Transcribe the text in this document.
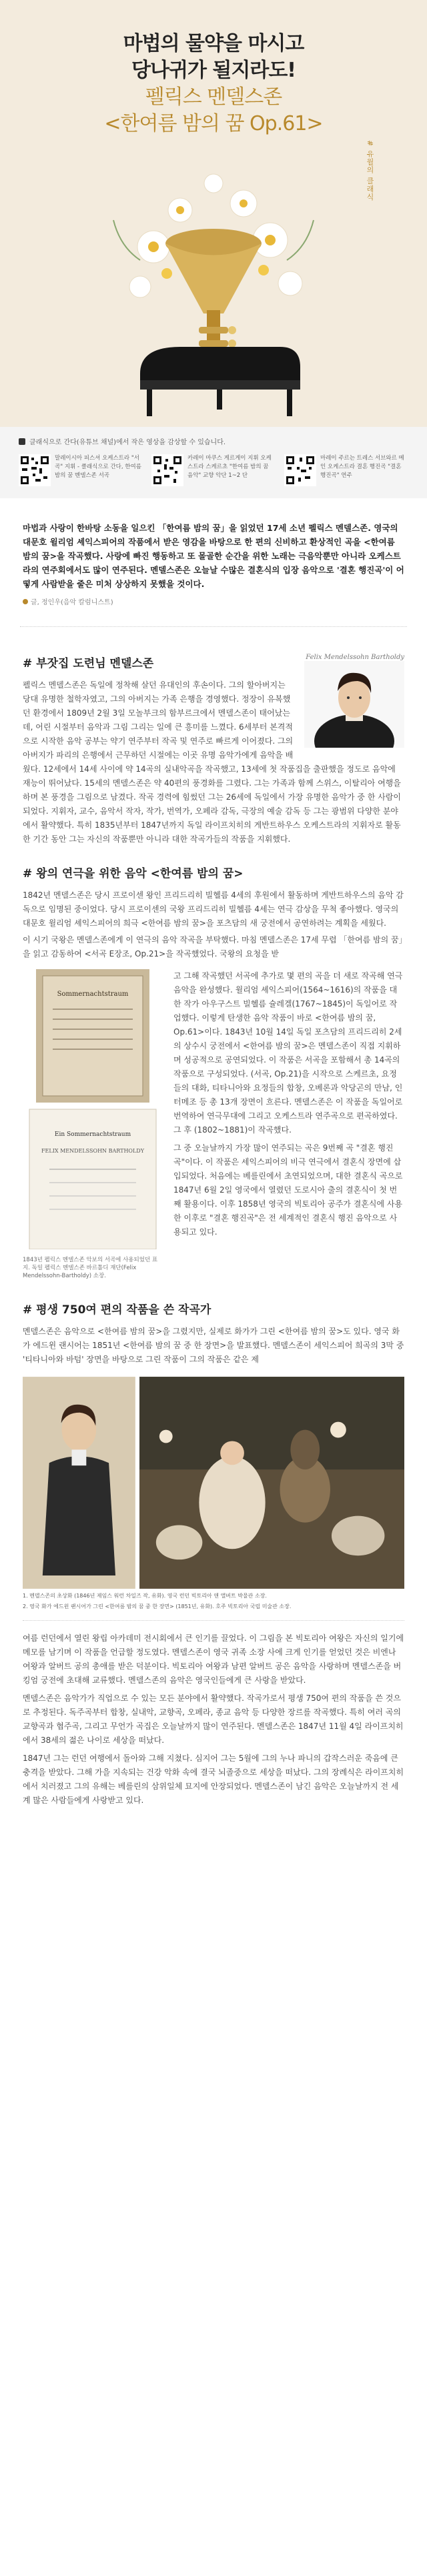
마법의 물약을 마시고
당나귀가 될지라도!
펠릭스 멘델스존
<한여름 밤의 꿈 Op.61>
# 유월의 클래식
클래식으로 간다(유튜브 채널)에서 작은 영상을 감상할 수 있습니다.
말레이시아 피스셔 오케스트라 "서곡" 지휘 - 클래식으로 간다, 한여름 밤의 꿈 멘델스존 서곡
카레이 마쿠스 게르게이 지휘 오케스트라 스케르초 "한여름 밤의 꿈 음악" 교향 악단 1~2 단
마레이 주르는 트레스 서브와르 메인 오케스트라 결혼 행진곡 "결혼 행진곡" 연주

마법과 사랑이 한바탕 소동을 일으킨 「한여름 밤의 꿈」을 읽었던 17세 소년 펠릭스 멘델스존. 영국의 대문호 윌리엄 셰익스피어의 작품에서 받은 영감을 바탕으로 한 편의 신비하고 환상적인 곡을 <한여름 밤의 꿈>을 작곡했다. 사랑에 빠진 행동하고 또 몰골한 순간을 위한 노래는 극음악뿐만 아니라 오케스트라의 연주회에서도 많이 연주된다. 멘델스존은 오늘날 수많은 결혼식의 입장 음악으로 '결혼 행진곡'이 어떻게 사람받을 줄은 미처 상상하지 못했을 것이다.

글, 정인우(음악 칼럼니스트)
Felix Mendelssohn Bartholdy
# 부잣집 도련님 멘델스존

펠릭스 멘델스존은 독일에 정착해 살던 유대인의 후손이다. 그의 할아버지는 당대 유명한 철학자였고, 그의 아버지는 가족 은행을 경영했다. 정장이 유복했던 환경에서 1809년 2월 3일 모놀부크의 함부르크에서 멘델스존이 태어났는데, 어린 시절부터 음악과 그림 그리는 일에 큰 흥미를 느꼈다. 6세부터 본격적으로 시작한 음악 공부는 약기 연주부터 작곡 및 연주로 빠르게 이어졌다. 그의 아버지가 파리의 은행에서 근무하던 시절에는 이곳 유명 음악가에게 음악을 배웠다. 12세에서 14세 사이에 약 14곡의 실내악곡을 작곡했고, 13세에 첫 작품집을 출판했을 정도로 음악에 재능이 뛰어났다. 15세의 멘델스존은 약 40편의 풍경화를 그렸다. 그는 가족과 함께 스위스, 이탈리아 여행을 하며 본 풍경을 그림으로 남겼다. 작곡 경력에 힘썼던 그는 26세에 독일에서 가장 유명한 음악가 중 한 사람이 되었다. 지휘자, 교수, 음악서 작자, 작가, 번역가, 오페라 감독, 극장의 예술 감독 등 그는 광범위 다양한 분야에서 활약했다. 특히 1835년부터 1847년까지 독일 라이프치히의 게반트하우스 오케스트라의 지휘자로 활동한 기간 동안 그는 자신의 작품뿐만 아니라 대한 작곡가들의 작품을 지휘했다.

# 왕의 연극을 위한 음악 <한여름 밤의 꿈>

1842년 멘델스존은 당시 프로이센 왕인 프리드리히 빌헬름 4세의 후원에서 활동하며 게반트하우스의 음악 감독으로 임명된 중이었다. 당시 프로이센의 국왕 프리드리히 빌헬름 4세는 연극 감상을 무척 좋아했다. 영국의 대문호 윌리엄 셰익스피어의 희극 <한여름 밤의 꿈>을 포츠담의 새 궁전에서 공연하려는 계획을 세웠다.

이 시기 국왕은 멘델스존에게 이 연극의 음악 작곡을 부탁했다. 마침 멘델스존은 17세 무렵 「한여름 밤의 꿈」을 읽고 감동하여 <서곡 E장조, Op.21>을 작곡했었다. 국왕의 요청을 받

Sommernachtstraum
Ein Sommernachtstraum
FELIX MENDELSSOHN BARTHOLDY
1843년 펠릭스 멘델스존 악보의 서곡에 사용되었던 표지. 독일 펠릭스 멘델스존 바르톨디 재단(Felix Mendelssohn-Bartholdy) 소장.

고 그해 작곡했던 서곡에 추가로 몇 편의 곡을 더 새로 작곡해 연극 음악을 완성했다. 윌리엄 셰익스피어(1564~1616)의 작품을 대한 작가 아우구스트 빌헬름 슐레겔(1767~1845)이 독일어로 작업했다. 이렇게 탄생한 음악 작품이 바로 <한여름 밤의 꿈, Op.61>이다. 1843년 10월 14일 독일 포츠담의 프리드리히 2세의 상수시 궁전에서 <한여름 밤의 꿈>은 멘델스존이 직접 지휘하며 성공적으로 공연되었다. 이 작품은 서곡을 포함해서 총 14곡의 작품으로 구성되었다. (서곡, Op.21)을 시작으로 스케르초, 요정들의 대화, 티타니아와 요정들의 합창, 오베론과 악당곤의 만남, 인터메조 등 총 13개 장면이 흐른다. 멘델스존은 이 작품을 독일어로 번역하여 연극무대에 그리고 오케스트라 연주곡으로 편곡하였다. 그 후 (1802~1881)이 작곡했다.

그 중 오늘날까지 가장 많이 연주되는 곡은 9번째 곡 "결혼 행진곡"이다. 이 작품은 세익스피어의 비극 연극에서 결혼식 장면에 삽입되었다. 처음에는 베를린에서 초연되었으며, 대한 결혼식 곡으로 1847년 6월 2일 영국에서 열렸던 도로시아 출의 결혼식이 첫 번째 활용이다. 이후 1858년 영국의 빅토리아 공주가 결혼식에 사용한 이후로 "결혼 행진곡"은 전 세계적인 결혼식 행진 음악으로 사용되고 있다.

# 평생 750여 편의 작품을 쓴 작곡가

멘델스존은 음악으로 <한여름 밤의 꿈>을 그렸지만, 실제로 화가가 그린 <한여름 밤의 꿈>도 있다. 영국 화가 에드윈 랜시어는 1851년 <한여름 밤의 꿈 중 한 장면>을 발표했다. 멘델스존이 세익스피어 희곡의 3막 중 '티타니아와 바텀' 장면을 바탕으로 그린 작품이 그의 작품은 같은 제

1. 멘델스존의 초상화 (1846년 제임스 워런 차일즈 작, 유화). 영국 런던 빅토리아 앤 앨버트 박물관 소장.
2. 영국 화가 에드윈 랜시어가 그린 <한여름 밤의 꿈 중 한 장면> (1851년, 유화). 호주 빅토리아 국립 미술관 소장.

여름 런던에서 열린 왕립 아카데미 전시회에서 큰 인기를 끌었다. 이 그림을 본 빅토리아 여왕은 자신의 일기에 메모를 남기며 이 작품을 언급할 정도였다. 멘델스존이 영국 귀족 소장 사에 크게 인기를 얻었던 것은 비엔나 여왕과 알버트 공의 총애를 받은 덕분이다. 빅토리아 여왕과 남편 알버트 공은 음악을 사랑하며 멘델스존을 버킹엄 궁전에 초대해 교류했다. 멘델스존의 음악은 영국인들에게 큰 사랑을 받았다.

멘델스존은 음악가가 직업으로 수 있는 모든 분야에서 활약했다. 작곡가로서 평생 750여 편의 작품을 쓴 것으로 추정된다. 독주곡부터 합창, 실내악, 교향곡, 오페라, 종교 음악 등 다양한 장르를 작곡했다. 특히 여러 곡의 교향곡과 협주곡, 그리고 무언가 곡집은 오늘날까지 많이 연주된다. 멘델스존은 1847년 11월 4일 라이프치히에서 38세의 젊은 나이로 세상을 떠났다.

1847년 그는 런던 여행에서 돌아와 그해 지쳤다. 심지어 그는 5월에 그의 누나 파니의 갑작스러운 죽음에 큰 충격을 받았다. 그해 가을 지속되는 건강 악화 속에 결국 뇌졸중으로 세상을 떠났다. 그의 장례식은 라이프치히에서 치러졌고 그의 유해는 베를린의 삼위일체 묘지에 안장되었다. 멘델스존이 남긴 음악은 오늘날까지 전 세계 많은 사람들에게 사랑받고 있다.
